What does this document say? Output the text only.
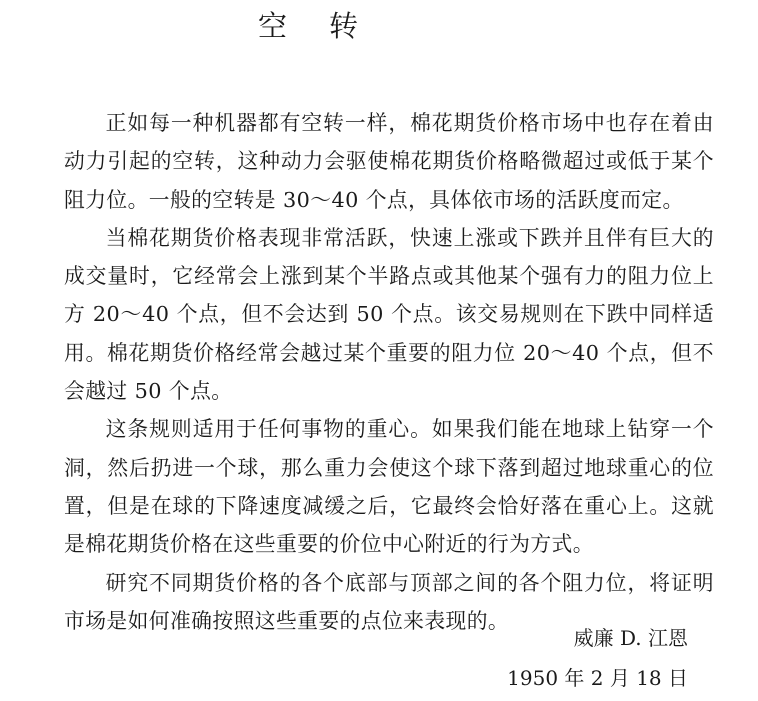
空转

正如每一种机器都有空转一样，棉花期货价格市场中也存在着由动力引起的空转，这种动力会驱使棉花期货价格略微超过或低于某个阻力位。一般的空转是 30～40 个点，具体依市场的活跃度而定。

当棉花期货价格表现非常活跃，快速上涨或下跌并且伴有巨大的成交量时，它经常会上涨到某个半路点或其他某个强有力的阻力位上方 20～40 个点，但不会达到 50 个点。该交易规则在下跌中同样适用。棉花期货价格经常会越过某个重要的阻力位 20～40 个点，但不会越过 50 个点。

这条规则适用于任何事物的重心。如果我们能在地球上钻穿一个洞，然后扔进一个球，那么重力会使这个球下落到超过地球重心的位置，但是在球的下降速度减缓之后，它最终会恰好落在重心上。这就是棉花期货价格在这些重要的价位中心附近的行为方式。

研究不同期货价格的各个底部与顶部之间的各个阻力位，将证明市场是如何准确按照这些重要的点位来表现的。

威廉 D. 江恩
1950 年 2 月 18 日
